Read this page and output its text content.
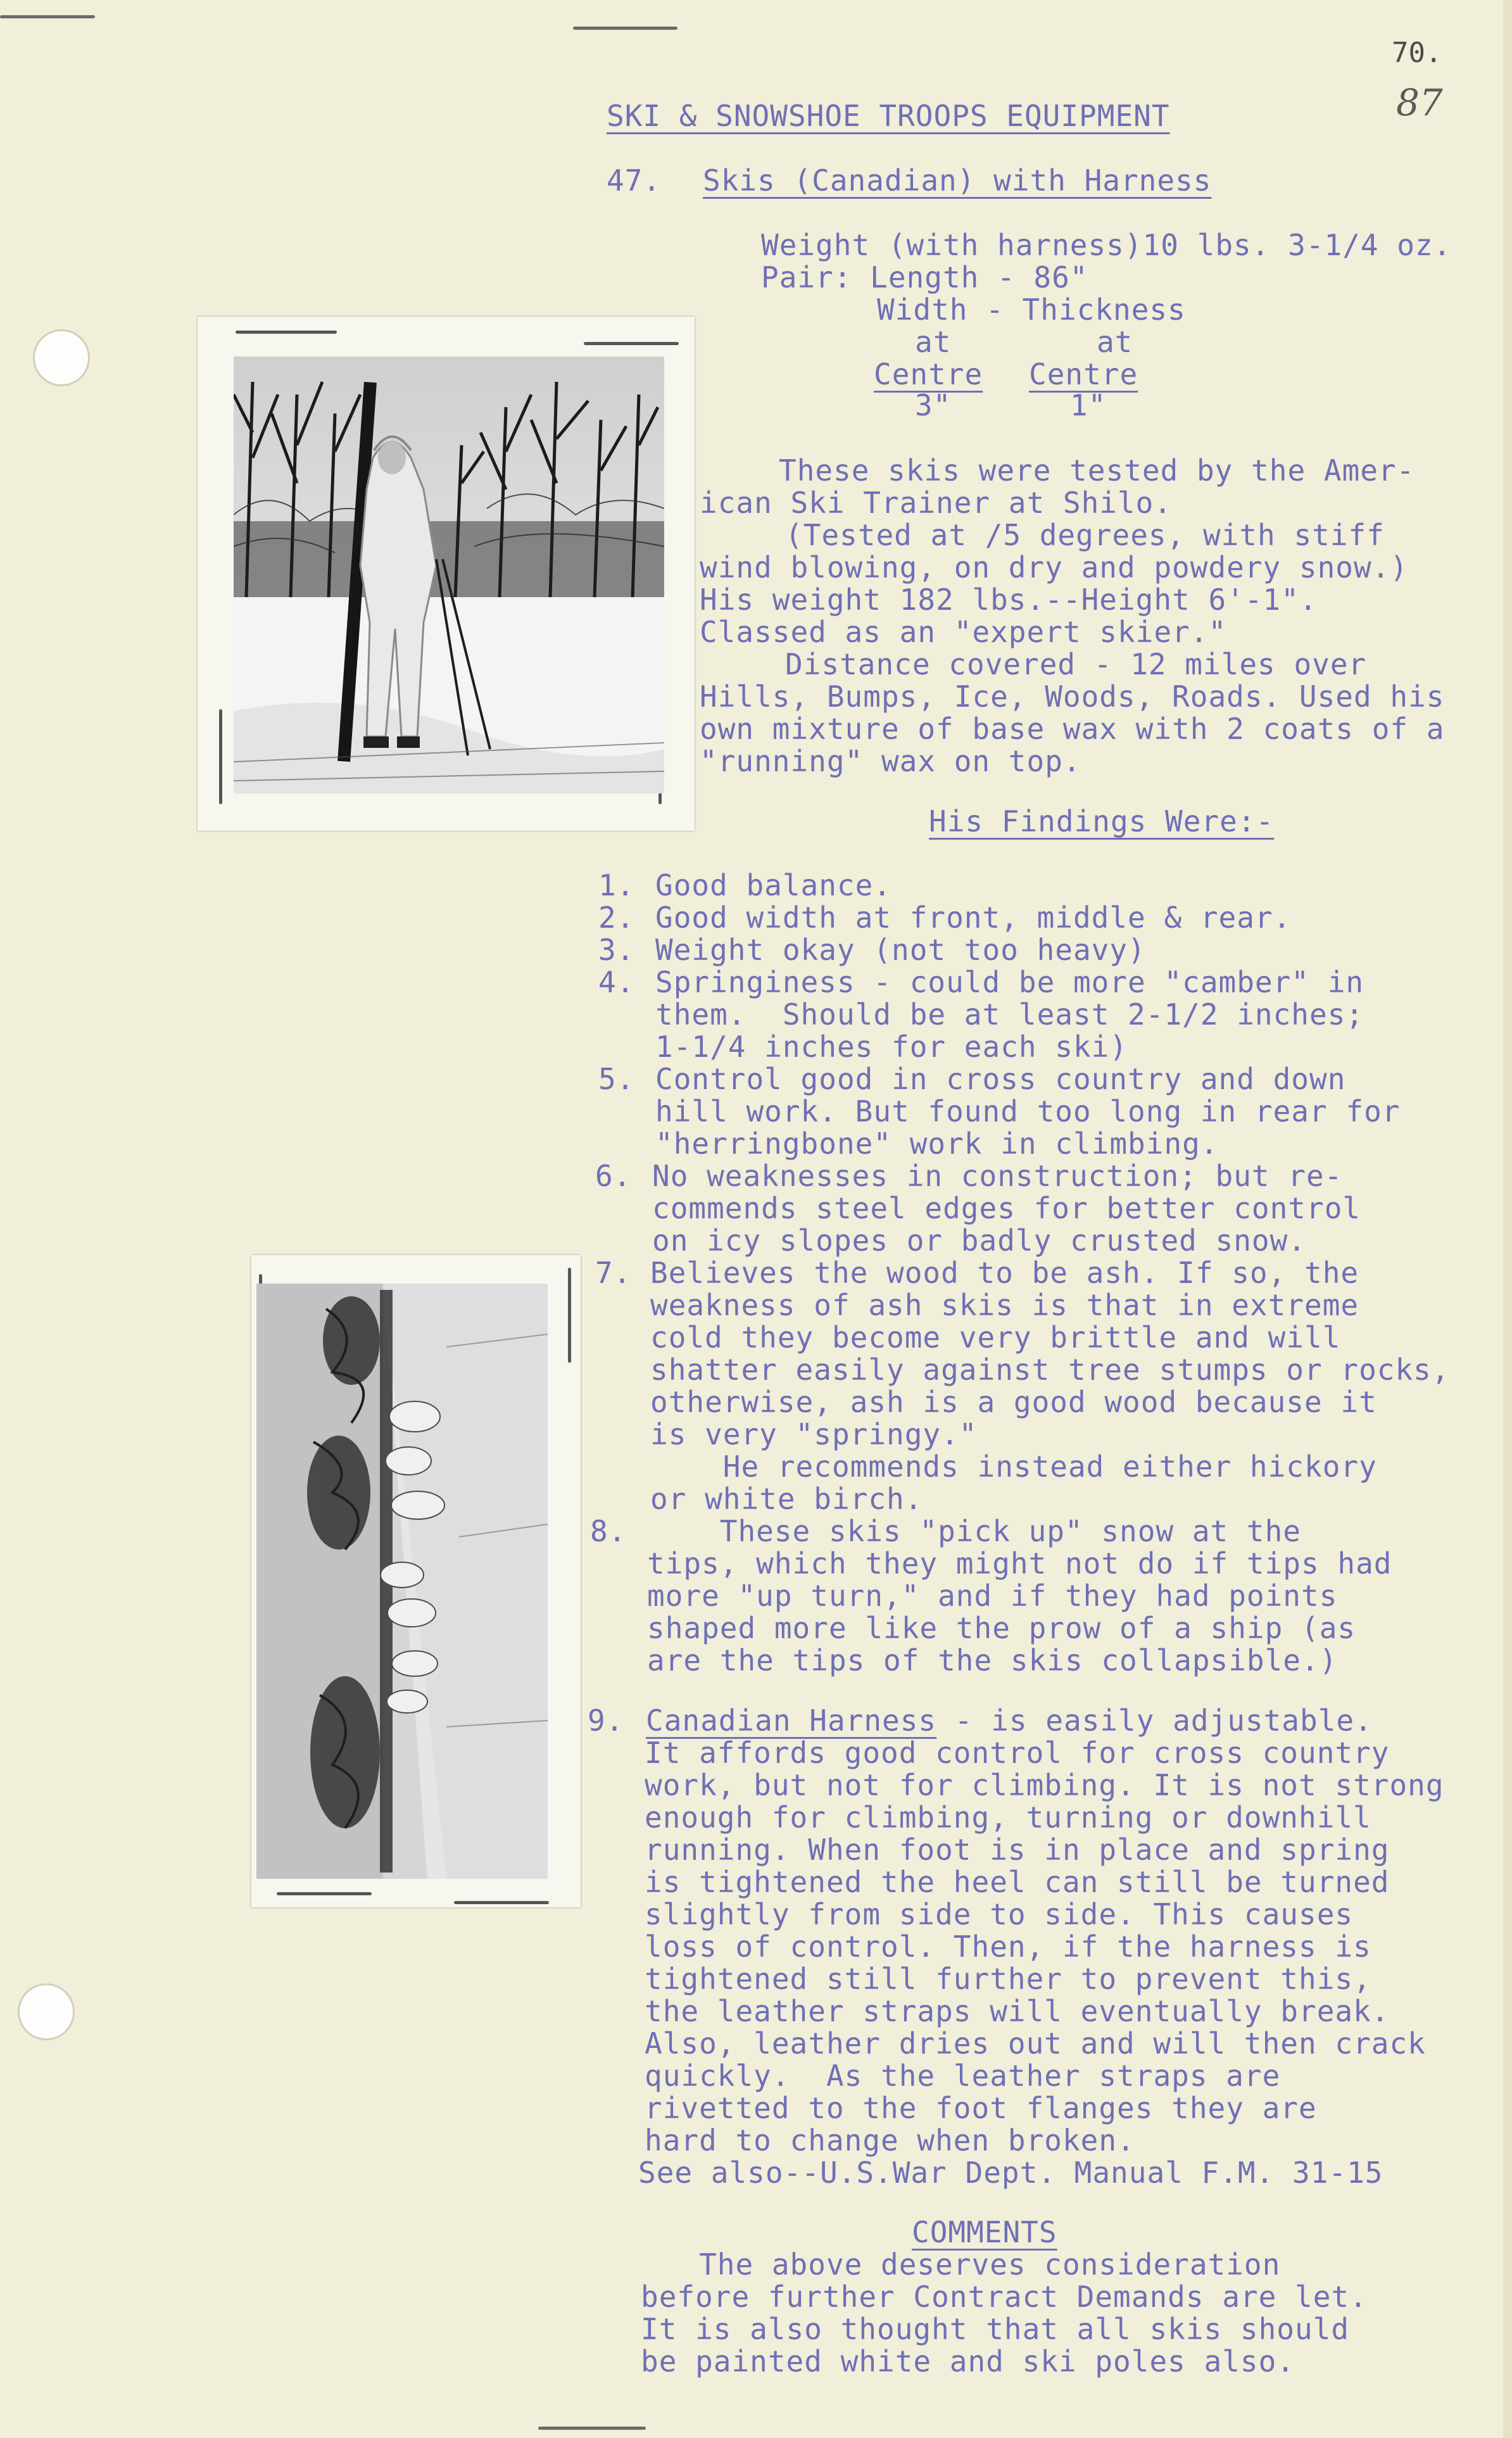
70.
87
SKI & SNOWSHOE TROOPS EQUIPMENT
47. Skis (Canadian) with Harness
Weight (with harness)10 lbs. 3-1/4 oz.
Pair: Length - 86"
Width - Thickness
at        at
Centre Centre
3"	1"
These skis were tested by the Amer-
ican Ski Trainer at Shilo.
(Tested at /5 degrees, with stiff
wind blowing, on dry and powdery snow.)
His weight 182 lbs.--Height 6'-1".
Classed as an "expert skier."
Distance covered - 12 miles over
Hills, Bumps, Ice, Woods, Roads. Used his
own mixture of base wax with 2 coats of a
"running" wax on top.
His Findings Were:-
1. Good balance.
2. Good width at front, middle & rear.
3. Weight okay (not too heavy)
4. Springiness - could be more "camber" in
them.  Should be at least 2-1/2 inches;
1-1/4 inches for each ski)
5. Control good in cross country and down
hill work. But found too long in rear for
"herringbone" work in climbing.
6. No weaknesses in construction; but re-
commends steel edges for better control
on icy slopes or badly crusted snow.
7. Believes the wood to be ash. If so, the
weakness of ash skis is that in extreme
cold they become very brittle and will
shatter easily against tree stumps or rocks,
otherwise, ash is a good wood because it
is very "springy."
He recommends instead either hickory
or white birch.
8. These skis "pick up" snow at the
tips, which they might not do if tips had
more "up turn," and if they had points
shaped more like the prow of a ship (as
are the tips of the skis collapsible.)
9. Canadian Harness - is easily adjustable.
It affords good control for cross country
work, but not for climbing. It is not strong
enough for climbing, turning or downhill
running. When foot is in place and spring
is tightened the heel can still be turned
slightly from side to side. This causes
loss of control. Then, if the harness is
tightened still further to prevent this,
the leather straps will eventually break.
Also, leather dries out and will then crack
quickly.  As the leather straps are
rivetted to the foot flanges they are
hard to change when broken.
See also--U.S.War Dept. Manual F.M. 31-15
COMMENTS
The above deserves consideration
before further Contract Demands are let.
It is also thought that all skis should
be painted white and ski poles also.
